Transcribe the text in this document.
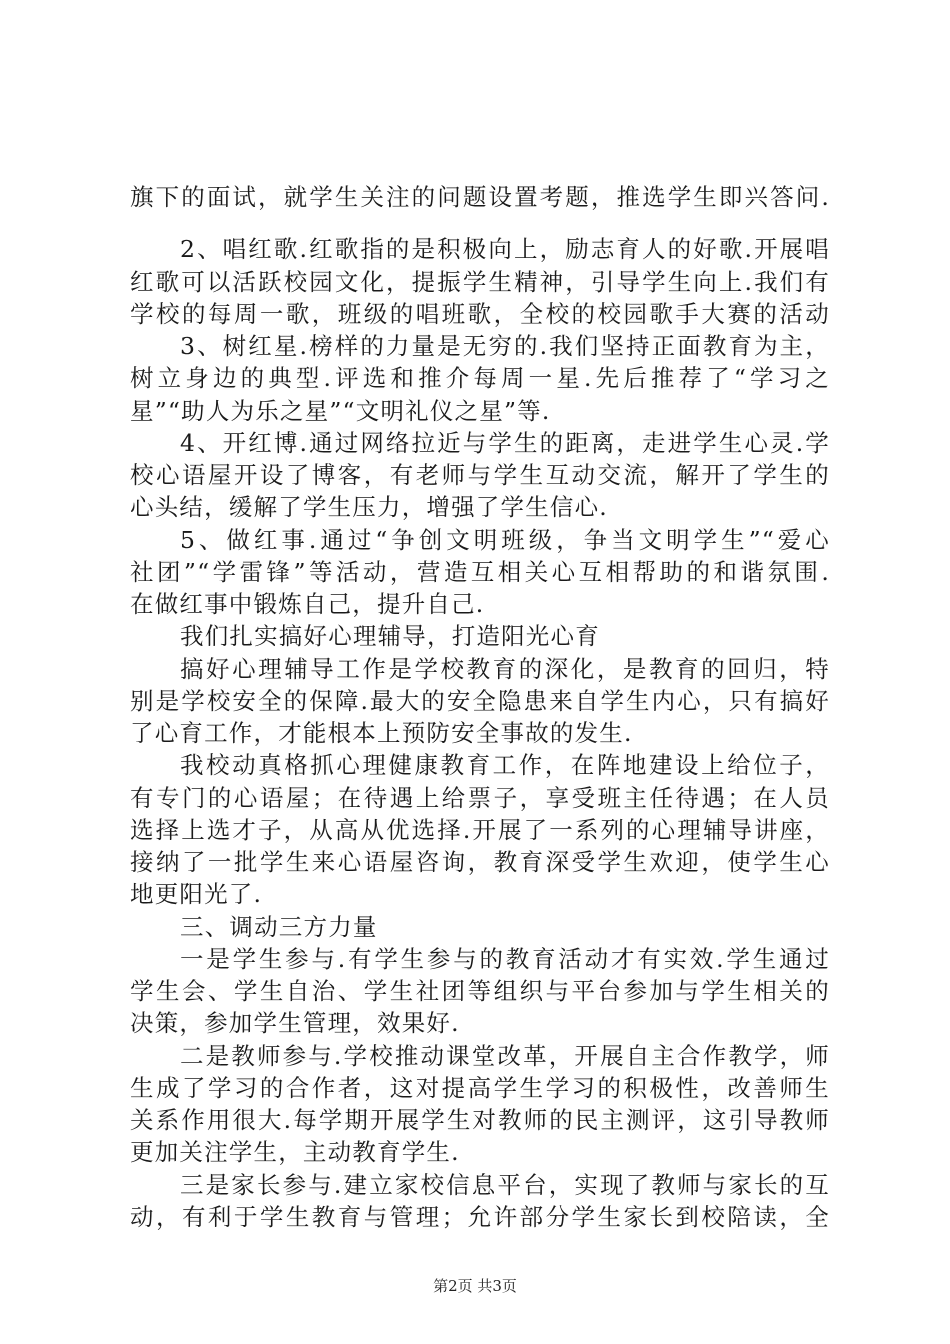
旗下的面试，就学生关注的问题设置考题，推选学生即兴答问.
2、唱红歌.红歌指的是积极向上，励志育人的好歌.开展唱
红歌可以活跃校园文化，提振学生精神，引导学生向上.我们有
学校的每周一歌，班级的唱班歌，全校的校园歌手大赛的活动
3、树红星.榜样的力量是无穷的.我们坚持正面教育为主，
树立身边的典型.评选和推介每周一星.先后推荐了“学习之
星”“助人为乐之星”“文明礼仪之星”等.
4、开红博.通过网络拉近与学生的距离，走进学生心灵.学
校心语屋开设了博客，有老师与学生互动交流，解开了学生的
心头结，缓解了学生压力，增强了学生信心.
5、做红事.通过“争创文明班级，争当文明学生”“爱心
社团”“学雷锋”等活动，营造互相关心互相帮助的和谐氛围.
在做红事中锻炼自己，提升自己.
我们扎实搞好心理辅导，打造阳光心育
搞好心理辅导工作是学校教育的深化，是教育的回归，特
别是学校安全的保障.最大的安全隐患来自学生内心，只有搞好
了心育工作，才能根本上预防安全事故的发生.
我校动真格抓心理健康教育工作，在阵地建设上给位子，
有专门的心语屋；在待遇上给票子，享受班主任待遇；在人员
选择上选才子，从高从优选择.开展了一系列的心理辅导讲座，
接纳了一批学生来心语屋咨询，教育深受学生欢迎，使学生心
地更阳光了.
三、调动三方力量
一是学生参与.有学生参与的教育活动才有实效.学生通过
学生会、学生自治、学生社团等组织与平台参加与学生相关的
决策，参加学生管理，效果好.
二是教师参与.学校推动课堂改革，开展自主合作教学，师
生成了学习的合作者，这对提高学生学习的积极性，改善师生
关系作用很大.每学期开展学生对教师的民主测评，这引导教师
更加关注学生，主动教育学生.
三是家长参与.建立家校信息平台，实现了教师与家长的互
动，有利于学生教育与管理；允许部分学生家长到校陪读，全
第2页 共3页
